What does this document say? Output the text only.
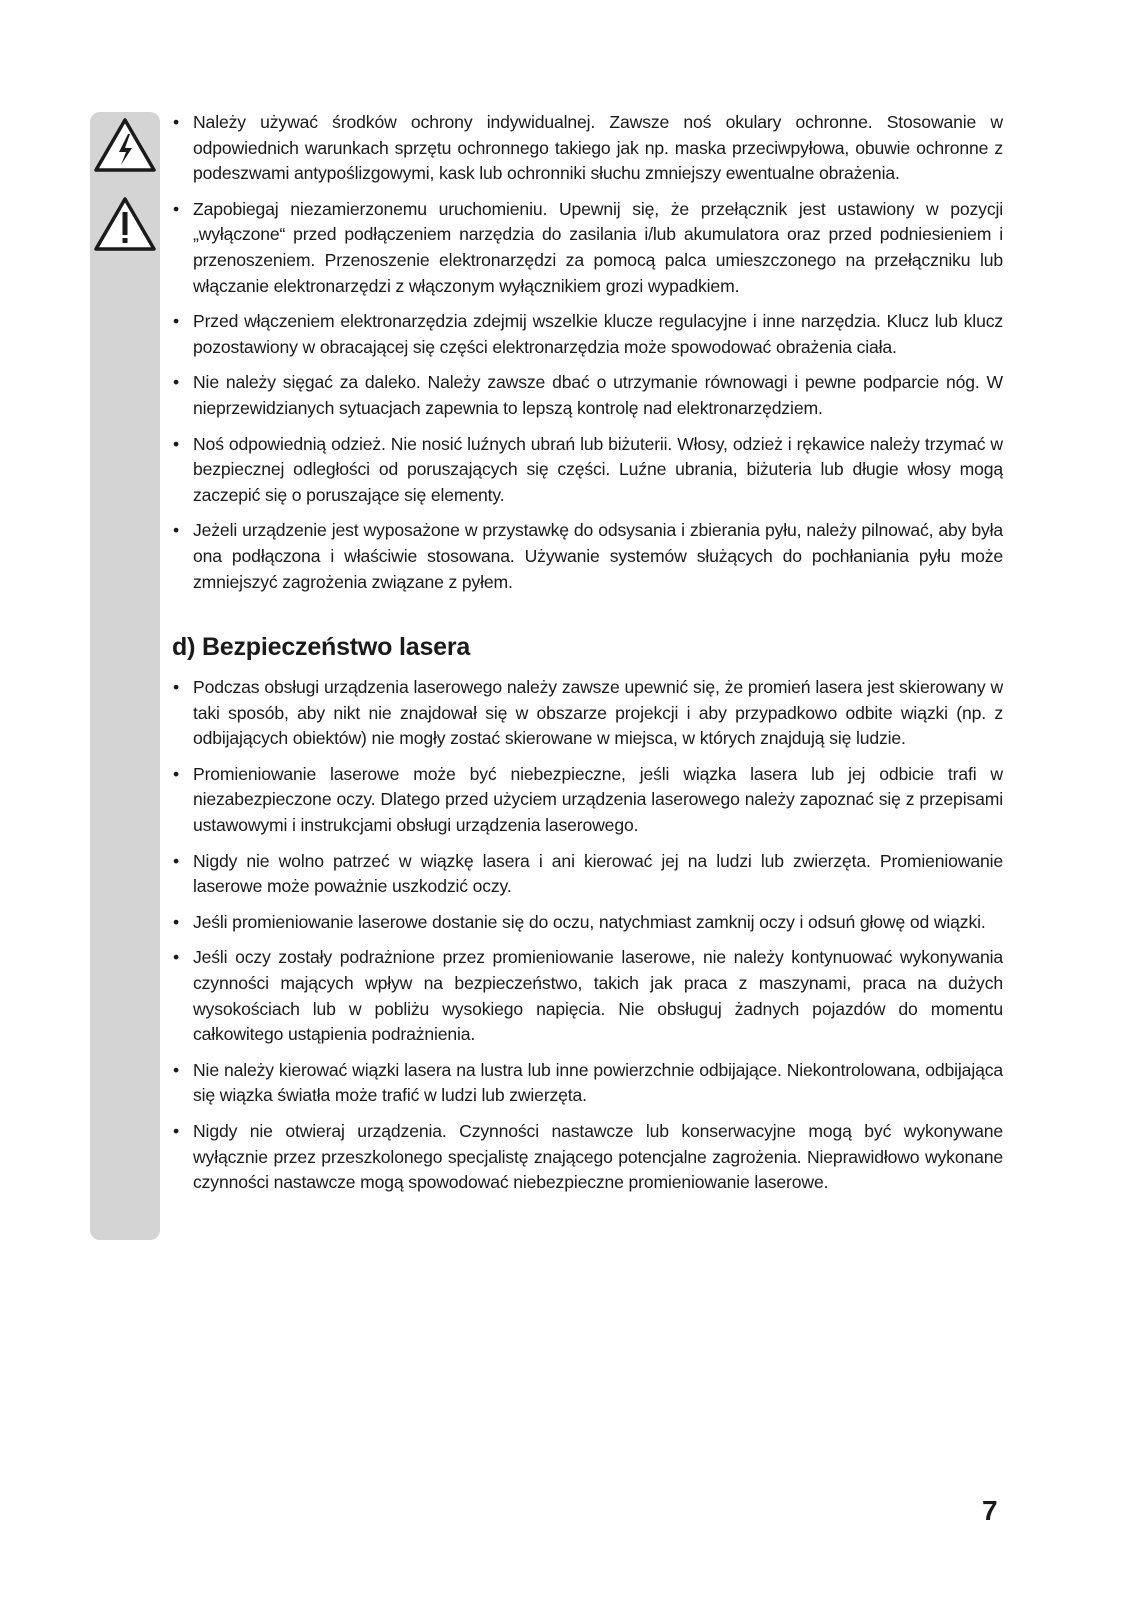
• Należy używać środków ochrony indywidualnej. Zawsze noś okulary ochronne. Stosowanie w odpowiednich warunkach sprzętu ochronnego takiego jak np. maska przeciwpyłowa, obuwie ochronne z podeszwami antypoślizgowymi, kask lub ochronniki słuchu zmniejszy ewentualne obrażenia.
• Zapobiegaj niezamierzonemu uruchomieniu. Upewnij się, że przełącznik jest ustawiony w pozycji „wyłączone“ przed podłączeniem narzędzia do zasilania i/lub akumulatora oraz przed podniesieniem i przenoszeniem. Przenoszenie elektronarzędzi za pomocą palca umieszczonego na przełączniku lub włączanie elektronarzędzi z włączonym wyłącznikiem grozi wypadkiem.
• Przed włączeniem elektronarzędzia zdejmij wszelkie klucze regulacyjne i inne narzędzia. Klucz lub klucz pozostawiony w obracającej się części elektronarzędzia może spowodować obrażenia ciała.
• Nie należy sięgać za daleko. Należy zawsze dbać o utrzymanie równowagi i pewne podparcie nóg. W nieprzewidzianych sytuacjach zapewnia to lepszą kontrolę nad elektronarzędziem.
• Noś odpowiednią odzież. Nie nosić luźnych ubrań lub biżuterii. Włosy, odzież i rękawice należy trzymać w bezpiecznej odległości od poruszających się części. Luźne ubrania, biżuteria lub długie włosy mogą zaczepić się o poruszające się elementy.
• Jeżeli urządzenie jest wyposażone w przystawkę do odsysania i zbierania pyłu, należy pilnować, aby była ona podłączona i właściwie stosowana. Używanie systemów służących do pochłaniania pyłu może zmniejszyć zagrożenia związane z pyłem.
d) Bezpieczeństwo lasera
• Podczas obsługi urządzenia laserowego należy zawsze upewnić się, że promień lasera jest skierowany w taki sposób, aby nikt nie znajdował się w obszarze projekcji i aby przypadkowo odbite wiązki (np. z odbijających obiektów) nie mogły zostać skierowane w miejsca, w których znajdują się ludzie.
• Promieniowanie laserowe może być niebezpieczne, jeśli wiązka lasera lub jej odbicie trafi w niezabezpieczone oczy. Dlatego przed użyciem urządzenia laserowego należy zapoznać się z przepisami ustawowymi i instrukcjami obsługi urządzenia laserowego.
• Nigdy nie wolno patrzeć w wiązkę lasera i ani kierować jej na ludzi lub zwierzęta. Promieniowanie laserowe może poważnie uszkodzić oczy.
• Jeśli promieniowanie laserowe dostanie się do oczu, natychmiast zamknij oczy i odsuń głowę od wiązki.
• Jeśli oczy zostały podrażnione przez promieniowanie laserowe, nie należy kontynuować wykonywania czynności mających wpływ na bezpieczeństwo, takich jak praca z maszynami, praca na dużych wysokościach lub w pobliżu wysokiego napięcia. Nie obsługuj żadnych pojazdów do momentu całkowitego ustąpienia podrażnienia.
• Nie należy kierować wiązki lasera na lustra lub inne powierzchnie odbijające. Niekontrolowana, odbijająca się wiązka światła może trafić w ludzi lub zwierzęta.
• Nigdy nie otwieraj urządzenia. Czynności nastawcze lub konserwacyjne mogą być wykonywane wyłącznie przez przeszkolonego specjalistę znającego potencjalne zagrożenia. Nieprawidłowo wykonane czynności nastawcze mogą spowodować niebezpieczne promieniowanie laserowe.
7
